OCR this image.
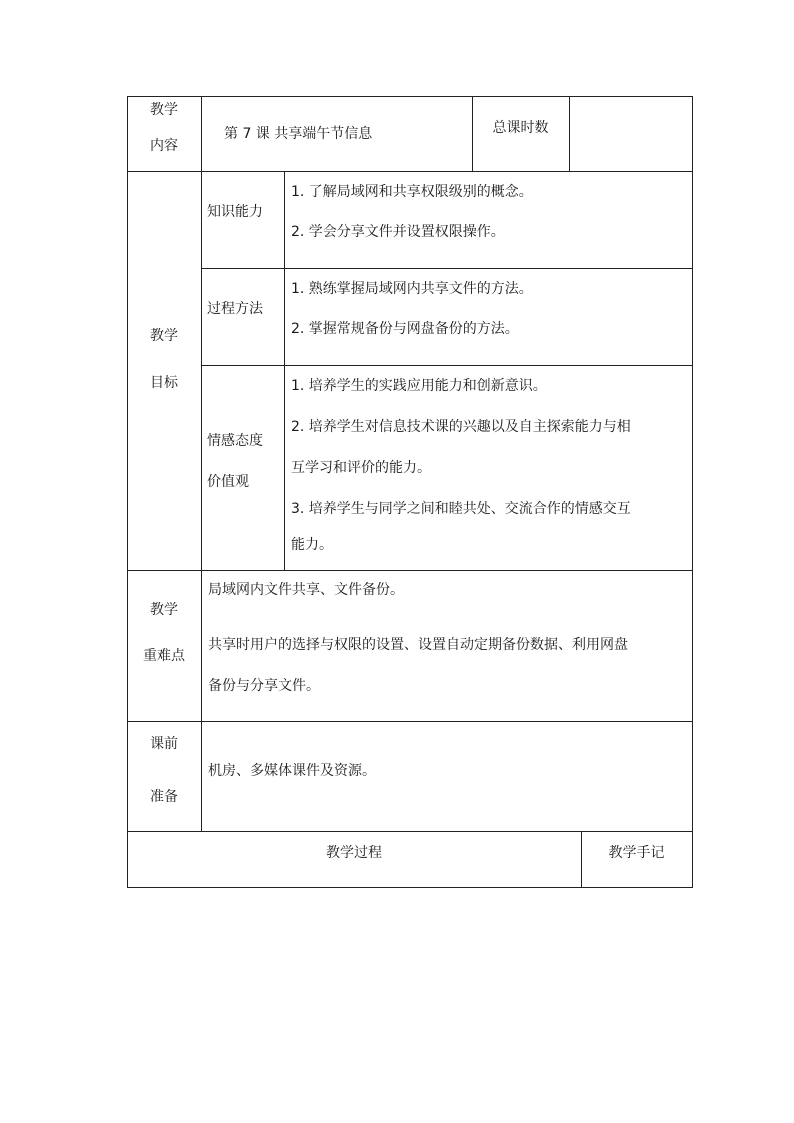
教学
内容
第 7 课 共享端午节信息	总课时数
教学
目标
知识能力
1. 了解局域网和共享权限级别的概念。
2. 学会分享文件并设置权限操作。
过程方法
1. 熟练掌握局域网内共享文件的方法。
2. 掌握常规备份与网盘备份的方法。
情感态度
价值观
1. 培养学生的实践应用能力和创新意识。
2. 培养学生对信息技术课的兴趣以及自主探索能力与相
互学习和评价的能力。
3. 培养学生与同学之间和睦共处、交流合作的情感交互
能力。
教学
重难点
局域网内文件共享、文件备份。
共享时用户的选择与权限的设置、设置自动定期备份数据、利用网盘
备份与分享文件。
课前
准备
机房、多媒体课件及资源。
教学过程	教学手记
